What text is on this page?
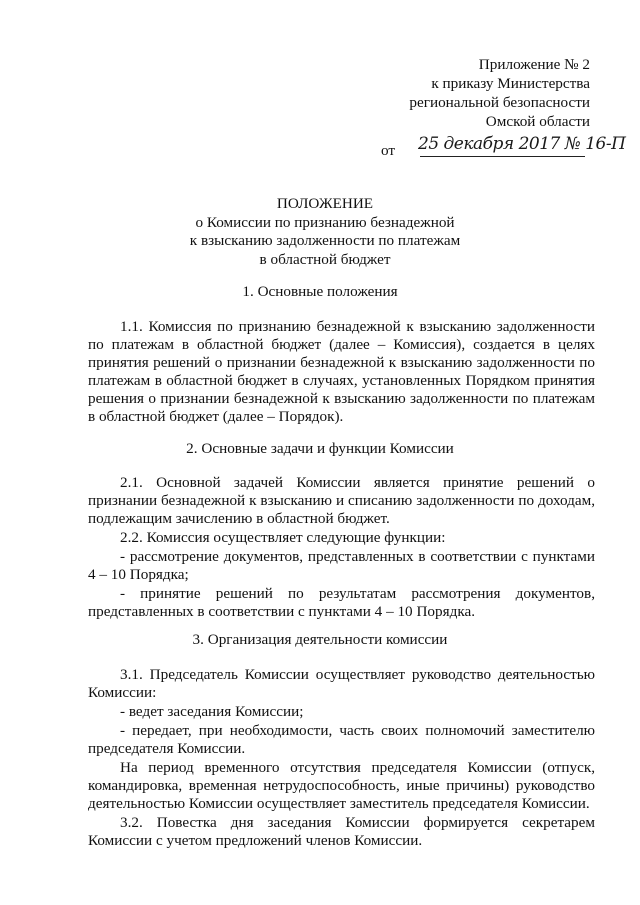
Приложение № 2
к приказу Министерства
региональной безопасности
Омской области
от 25 декабря 2017 № 16-П
ПОЛОЖЕНИЕ
о Комиссии по признанию безнадежной
к взысканию задолженности по платежам
в областной бюджет
1. Основные положения

1.1. Комиссия по признанию безнадежной к взысканию задолженности по платежам в областной бюджет (далее – Комиссия), создается в целях принятия решений о признании безнадежной к взысканию задолженности по платежам в областной бюджет в случаях, установленных Порядком принятия решения о признании безнадежной к взысканию задолженности по платежам в областной бюджет (далее – Порядок).

2. Основные задачи и функции Комиссии

2.1. Основной задачей Комиссии является принятие решений о признании безнадежной к взысканию и списанию задолженности по доходам, подлежащим зачислению в областной бюджет.

2.2. Комиссия осуществляет следующие функции:

- рассмотрение документов, представленных в соответствии с пунктами 4 – 10 Порядка;

- принятие решений по результатам рассмотрения документов, представленных в соответствии с пунктами 4 – 10 Порядка.

3. Организация деятельности комиссии

3.1. Председатель Комиссии осуществляет руководство деятельностью Комиссии:

- ведет заседания Комиссии;

- передает, при необходимости, часть своих полномочий заместителю председателя Комиссии.

На период временного отсутствия председателя Комиссии (отпуск, командировка, временная нетрудоспособность, иные причины) руководство деятельностью Комиссии осуществляет заместитель председателя Комиссии.

3.2. Повестка дня заседания Комиссии формируется секретарем Комиссии с учетом предложений членов Комиссии.
